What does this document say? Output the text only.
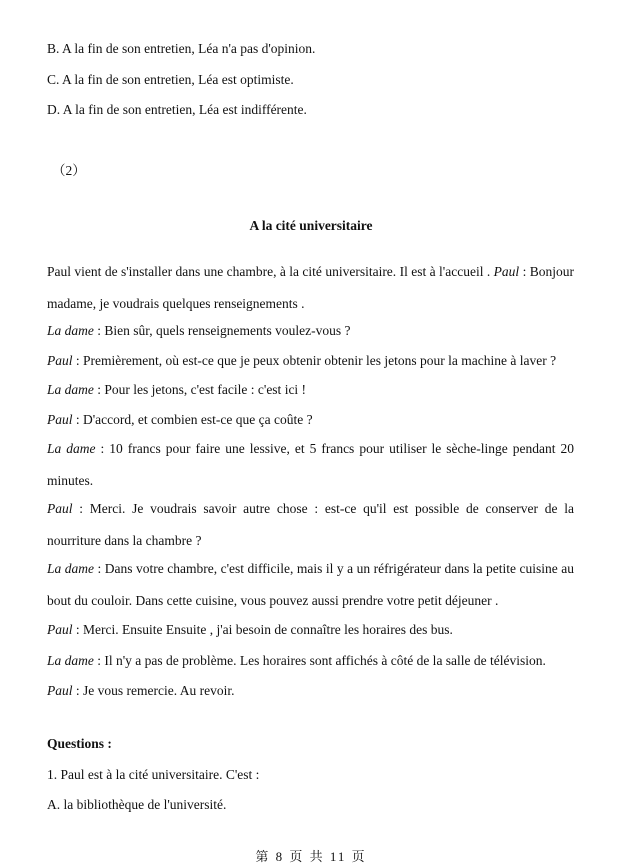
B. A la fin de son entretien, Léa n'a pas d'opinion.
C. A la fin de son entretien, Léa est optimiste.
D. A la fin de son entretien, Léa est indifférente.
（2）
A la cité universitaire
Paul vient de s'installer dans une chambre, à la cité universitaire. Il est à l'accueil . Paul : Bonjour madame, je voudrais quelques renseignements .
La dame : Bien sûr, quels renseignements voulez-vous ?
Paul : Premièrement, où est-ce que je peux obtenir obtenir les jetons pour la machine à laver ?
La dame : Pour les jetons, c'est facile : c'est ici !
Paul : D'accord, et combien est-ce que ça coûte ?
La dame : 10 francs pour faire une lessive, et 5 francs pour utiliser le sèche-linge pendant 20 minutes.
Paul : Merci. Je voudrais savoir autre chose : est-ce qu'il est possible de conserver de la nourriture dans la chambre ?
La dame : Dans votre chambre, c'est difficile, mais il y a un réfrigérateur dans la petite cuisine au bout du couloir. Dans cette cuisine, vous pouvez aussi prendre votre petit déjeuner .
Paul : Merci. Ensuite Ensuite , j'ai besoin de connaître les horaires des bus.
La dame : Il n'y a pas de problème. Les horaires sont affichés à côté de la salle de télévision.
Paul : Je vous remercie. Au revoir.
Questions :
1. Paul est à la cité universitaire. C'est :
A. la bibliothèque de l'université.
第 8 页 共 11 页
